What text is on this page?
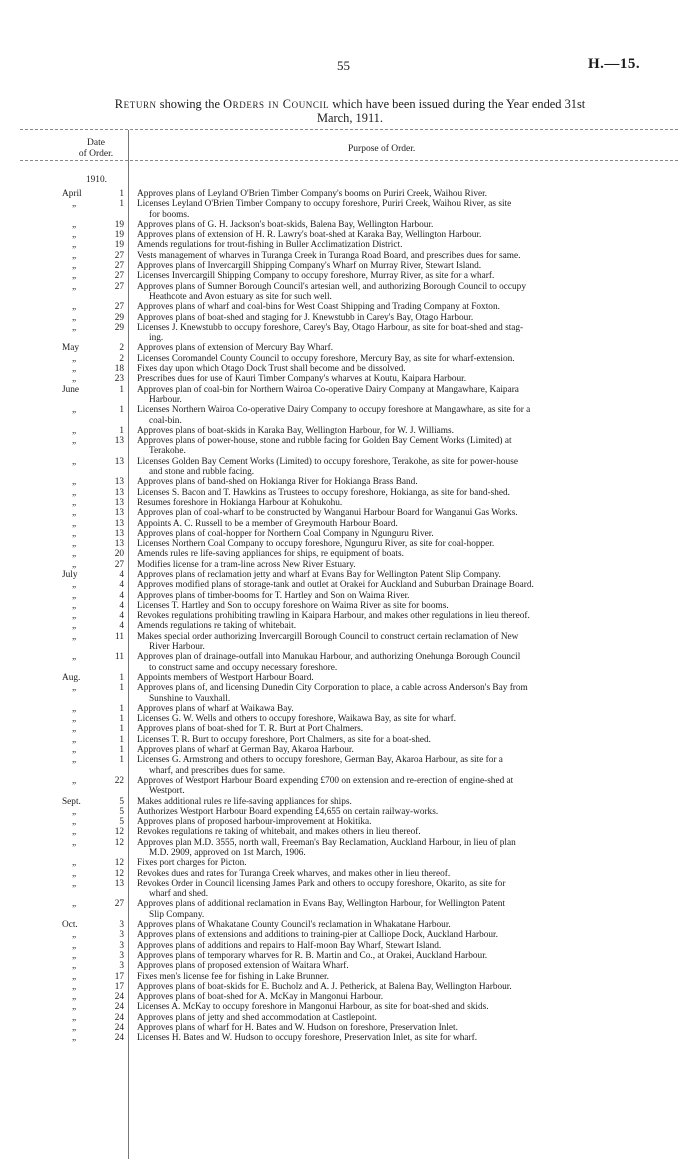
55	H.—15.
Return showing the Orders in Council which have been issued during the Year ended 31st
March, 1911.
Date
of Order.	Purpose of Order.
1910.
April	1 Approves plans of Leyland O'Brien Timber Company's booms on Puriri Creek, Waihou River.
„	1 Licenses Leyland O'Brien Timber Company to occupy foreshore, Puriri Creek, Waihou River, as site
for booms.
„	19 Approves plans of G. H. Jackson's boat-skids, Balena Bay, Wellington Harbour.
„	19 Approves plans of extension of H. R. Lawry's boat-shed at Karaka Bay, Wellington Harbour.
„	19 Amends regulations for trout-fishing in Buller Acclimatization District.
„	27 Vests management of wharves in Turanga Creek in Turanga Road Board, and prescribes dues for same.
„	27 Approves plans of Invercargill Shipping Company's Wharf on Murray River, Stewart Island.
„	27 Licenses Invercargill Shipping Company to occupy foreshore, Murray River, as site for a wharf.
„	27 Approves plans of Sumner Borough Council's artesian well, and authorizing Borough Council to occupy
Heathcote and Avon estuary as site for such well.
„	27 Approves plans of wharf and coal-bins for West Coast Shipping and Trading Company at Foxton.
„	29 Approves plans of boat-shed and staging for J. Knewstubb in Carey's Bay, Otago Harbour.
„	29 Licenses J. Knewstubb to occupy foreshore, Carey's Bay, Otago Harbour, as site for boat-shed and stag-
ing.
May	2 Approves plans of extension of Mercury Bay Wharf.
„	2 Licenses Coromandel County Council to occupy foreshore, Mercury Bay, as site for wharf-extension.
„	18 Fixes day upon which Otago Dock Trust shall become and be dissolved.
„	23 Prescribes dues for use of Kauri Timber Company's wharves at Koutu, Kaipara Harbour.
June	1 Approves plan of coal-bin for Northern Wairoa Co-operative Dairy Company at Mangawhare, Kaipara
Harbour.
„	1 Licenses Northern Wairoa Co-operative Dairy Company to occupy foreshore at Mangawhare, as site for a
coal-bin.
„	1 Approves plans of boat-skids in Karaka Bay, Wellington Harbour, for W. J. Williams.
„	13 Approves plans of power-house, stone and rubble facing for Golden Bay Cement Works (Limited) at
Terakohe.
„	13 Licenses Golden Bay Cement Works (Limited) to occupy foreshore, Terakohe, as site for power-house
and stone and rubble facing.
„	13 Approves plans of band-shed on Hokianga River for Hokianga Brass Band.
„	13 Licenses S. Bacon and T. Hawkins as Trustees to occupy foreshore, Hokianga, as site for band-shed.
„	13 Resumes foreshore in Hokianga Harbour at Kohukohu.
„	13 Approves plan of coal-wharf to be constructed by Wanganui Harbour Board for Wanganui Gas Works.
„	13 Appoints A. C. Russell to be a member of Greymouth Harbour Board.
„	13 Approves plans of coal-hopper for Northern Coal Company in Ngunguru River.
„	13 Licenses Northern Coal Company to occupy foreshore, Ngunguru River, as site for coal-hopper.
„	20 Amends rules re life-saving appliances for ships, re equipment of boats.
„	27 Modifies license for a tram-line across New River Estuary.
July	4 Approves plans of reclamation jetty and wharf at Evans Bay for Wellington Patent Slip Company.
„	4 Approves modified plans of storage-tank and outlet at Orakei for Auckland and Suburban Drainage Board.
„	4 Approves plans of timber-booms for T. Hartley and Son on Waima River.
„	4 Licenses T. Hartley and Son to occupy foreshore on Waima River as site for booms.
„	4 Revokes regulations prohibiting trawling in Kaipara Harbour, and makes other regulations in lieu thereof.
„	4 Amends regulations re taking of whitebait.
„	11 Makes special order authorizing Invercargill Borough Council to construct certain reclamation of New
River Harbour.
„	11 Approves plan of drainage-outfall into Manukau Harbour, and authorizing Onehunga Borough Council
to construct same and occupy necessary foreshore.
Aug.	1 Appoints members of Westport Harbour Board.
„	1 Approves plans of, and licensing Dunedin City Corporation to place, a cable across Anderson's Bay from
Sunshine to Vauxhall.
„	1 Approves plans of wharf at Waikawa Bay.
„	1 Licenses G. W. Wells and others to occupy foreshore, Waikawa Bay, as site for wharf.
„	1 Approves plans of boat-shed for T. R. Burt at Port Chalmers.
„	1 Licenses T. R. Burt to occupy foreshore, Port Chalmers, as site for a boat-shed.
„	1 Approves plans of wharf at German Bay, Akaroa Harbour.
„	1 Licenses G. Armstrong and others to occupy foreshore, German Bay, Akaroa Harbour, as site for a
wharf, and prescribes dues for same.
„	22 Approves of Westport Harbour Board expending £700 on extension and re-erection of engine-shed at
Westport.
Sept.	5 Makes additional rules re life-saving appliances for ships.
„	5 Authorizes Westport Harbour Board expending £4,655 on certain railway-works.
„	5 Approves plans of proposed harbour-improvement at Hokitika.
„	12 Revokes regulations re taking of whitebait, and makes others in lieu thereof.
„	12 Approves plan M.D. 3555, north wall, Freeman's Bay Reclamation, Auckland Harbour, in lieu of plan
M.D. 2909, approved on 1st March, 1906.
„	12 Fixes port charges for Picton.
„	12 Revokes dues and rates for Turanga Creek wharves, and makes other in lieu thereof.
„	13 Revokes Order in Council licensing James Park and others to occupy foreshore, Okarito, as site for
wharf and shed.
„	27 Approves plans of additional reclamation in Evans Bay, Wellington Harbour, for Wellington Patent
Slip Company.
Oct.	3 Approves plans of Whakatane County Council's reclamation in Whakatane Harbour.
„	3 Approves plans of extensions and additions to training-pier at Calliope Dock, Auckland Harbour.
„	3 Approves plans of additions and repairs to Half-moon Bay Wharf, Stewart Island.
„	3 Approves plans of temporary wharves for R. B. Martin and Co., at Orakei, Auckland Harbour.
„	3 Approves plans of proposed extension of Waitara Wharf.
„	17 Fixes men's license fee for fishing in Lake Brunner.
„	17 Approves plans of boat-skids for E. Bucholz and A. J. Petherick, at Balena Bay, Wellington Harbour.
„	24 Approves plans of boat-shed for A. McKay in Mangonui Harbour.
„	24 Licenses A. McKay to occupy foreshore in Mangonui Harbour, as site for boat-shed and skids.
„	24 Approves plans of jetty and shed accommodation at Castlepoint.
„	24 Approves plans of wharf for H. Bates and W. Hudson on foreshore, Preservation Inlet.
„	24 Licenses H. Bates and W. Hudson to occupy foreshore, Preservation Inlet, as site for wharf.
